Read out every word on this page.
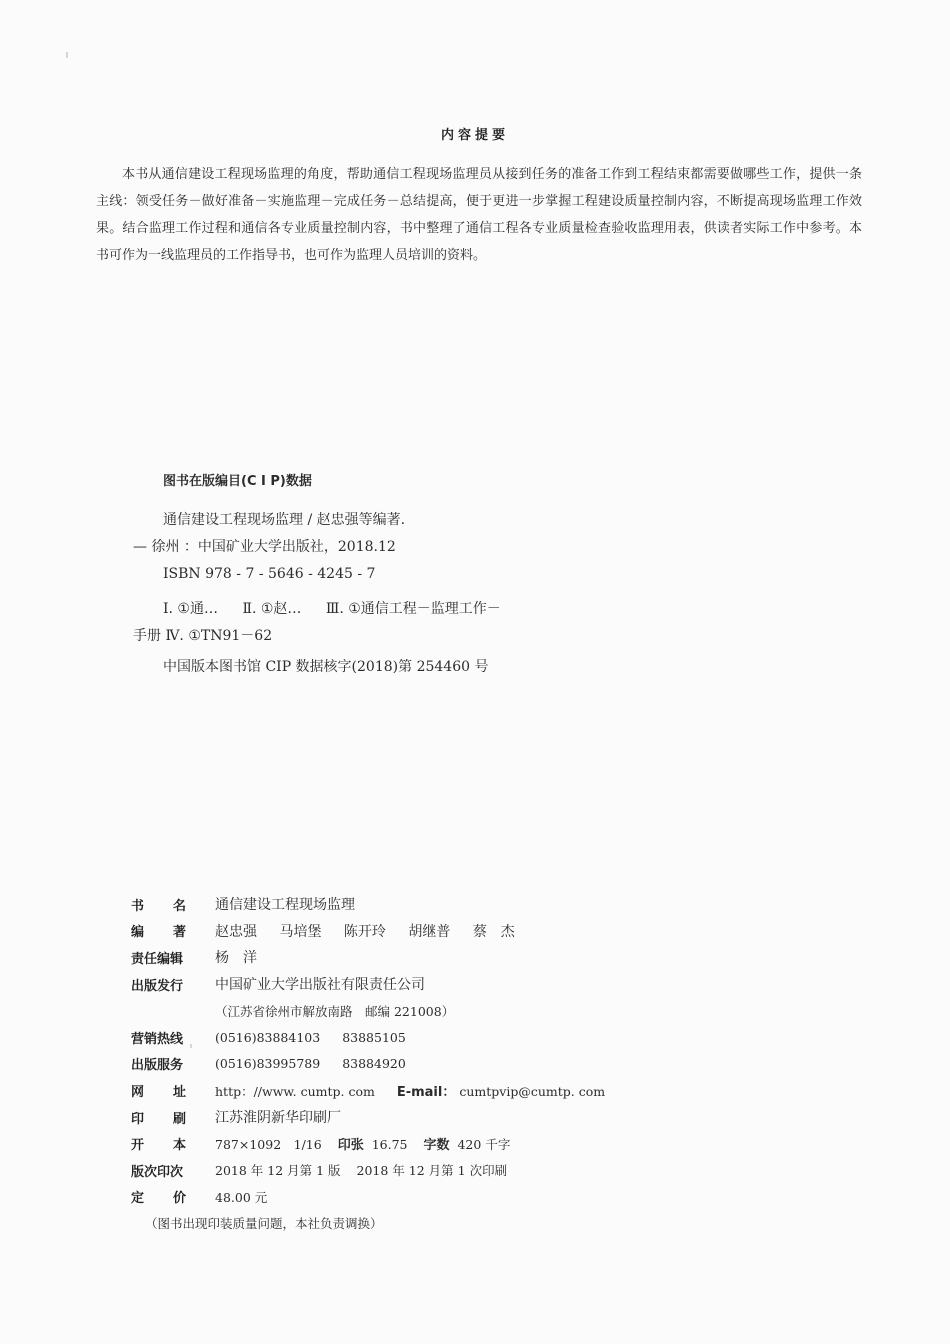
内容提要
本书从通信建设工程现场监理的角度，帮助通信工程现场监理员从接到任务的准备工作到工程结束都需要做哪些工作，提供一条主线：领受任务－做好准备－实施监理－完成任务－总结提高，便于更进一步掌握工程建设质量控制内容，不断提高现场监理工作效果。结合监理工作过程和通信各专业质量控制内容，书中整理了通信工程各专业质量检查验收监理用表，供读者实际工作中参考。本书可作为一线监理员的工作指导书，也可作为监理人员培训的资料。
图书在版编目(C I P)数据
通信建设工程现场监理 / 赵忠强等编著.
— 徐州 ：中国矿业大学出版社，2018.12
ISBN 978 - 7 - 5646 - 4245 - 7
Ⅰ. ①通… Ⅱ. ①赵… Ⅲ. ①通信工程－监理工作－
手册 Ⅳ. ①TN91－62
中国版本图书馆 CIP 数据核字(2018)第 254460 号
书 名 通信建设工程现场监理
编 著 赵忠强 马培堡 陈开玲 胡继普 蔡　杰
责任编辑	杨　洋
出版发行	中国矿业大学出版社有限责任公司
（江苏省徐州市解放南路　邮编 221008）
营销热线	(0516)83884103 83885105
出版服务	(0516)83995789 83884920
网 址 http：//www. cumtp. com E-mail： cumtpvip@cumtp. com
印 刷 江苏淮阴新华印刷厂
开 本 787×1092　1/16 印张 16.75 字数 420 千字
版次印次	2018 年 12 月第 1 版 2018 年 12 月第 1 次印刷
定 价 48.00 元
（图书出现印装质量问题，本社负责调换）
